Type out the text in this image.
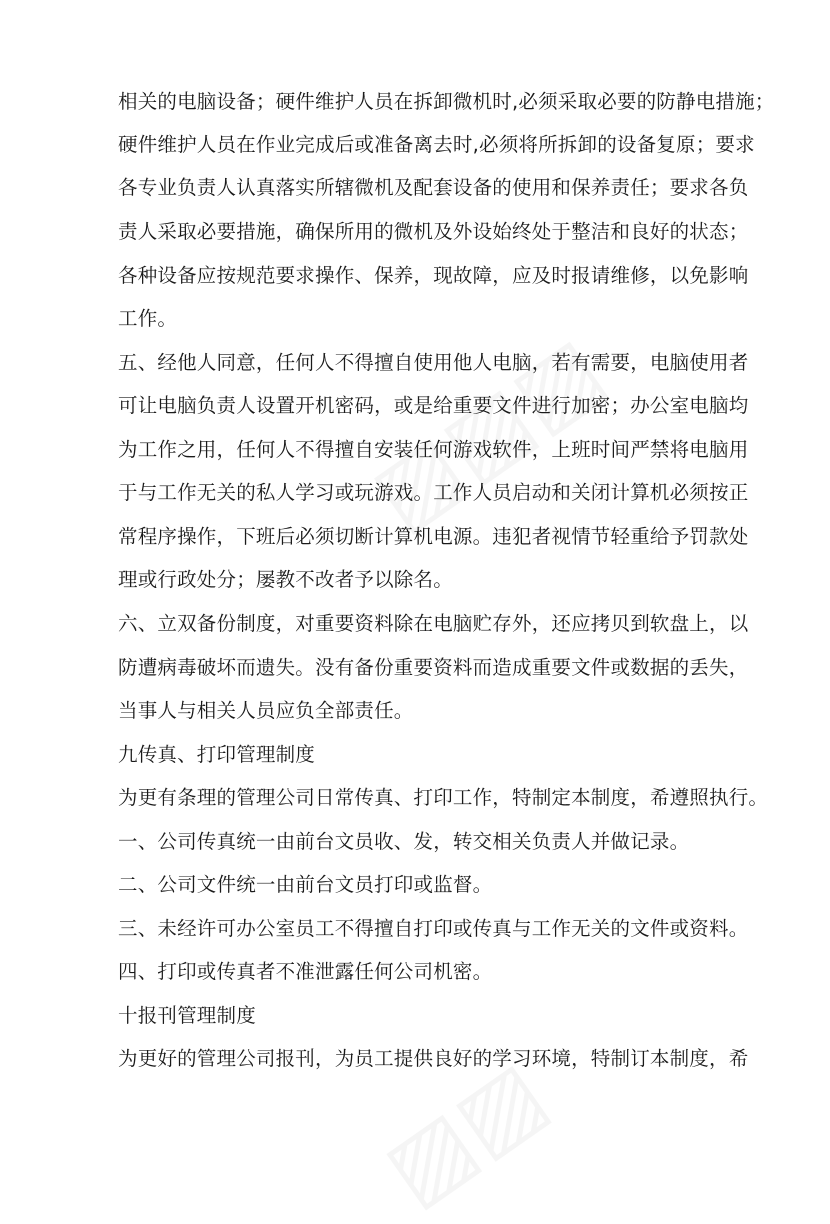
相关的电脑设备；硬件维护人员在拆卸微机时,必须采取必要的防静电措施；
硬件维护人员在作业完成后或准备离去时,必须将所拆卸的设备复原；要求
各专业负责人认真落实所辖微机及配套设备的使用和保养责任；要求各负
责人采取必要措施，确保所用的微机及外设始终处于整洁和良好的状态；
各种设备应按规范要求操作、保养，现故障，应及时报请维修，以免影响
工作。
五、经他人同意，任何人不得擅自使用他人电脑，若有需要，电脑使用者
可让电脑负责人设置开机密码，或是给重要文件进行加密；办公室电脑均
为工作之用，任何人不得擅自安装任何游戏软件，上班时间严禁将电脑用
于与工作无关的私人学习或玩游戏。工作人员启动和关闭计算机必须按正
常程序操作，下班后必须切断计算机电源。违犯者视情节轻重给予罚款处
理或行政处分；屡教不改者予以除名。
六、立双备份制度，对重要资料除在电脑贮存外，还应拷贝到软盘上，以
防遭病毒破坏而遗失。没有备份重要资料而造成重要文件或数据的丢失，
当事人与相关人员应负全部责任。
九传真、打印管理制度
为更有条理的管理公司日常传真、打印工作，特制定本制度，希遵照执行。
一、公司传真统一由前台文员收、发，转交相关负责人并做记录。
二、公司文件统一由前台文员打印或监督。
三、未经许可办公室员工不得擅自打印或传真与工作无关的文件或资料。
四、打印或传真者不准泄露任何公司机密。
十报刊管理制度
为更好的管理公司报刊，为员工提供良好的学习环境，特制订本制度，希
